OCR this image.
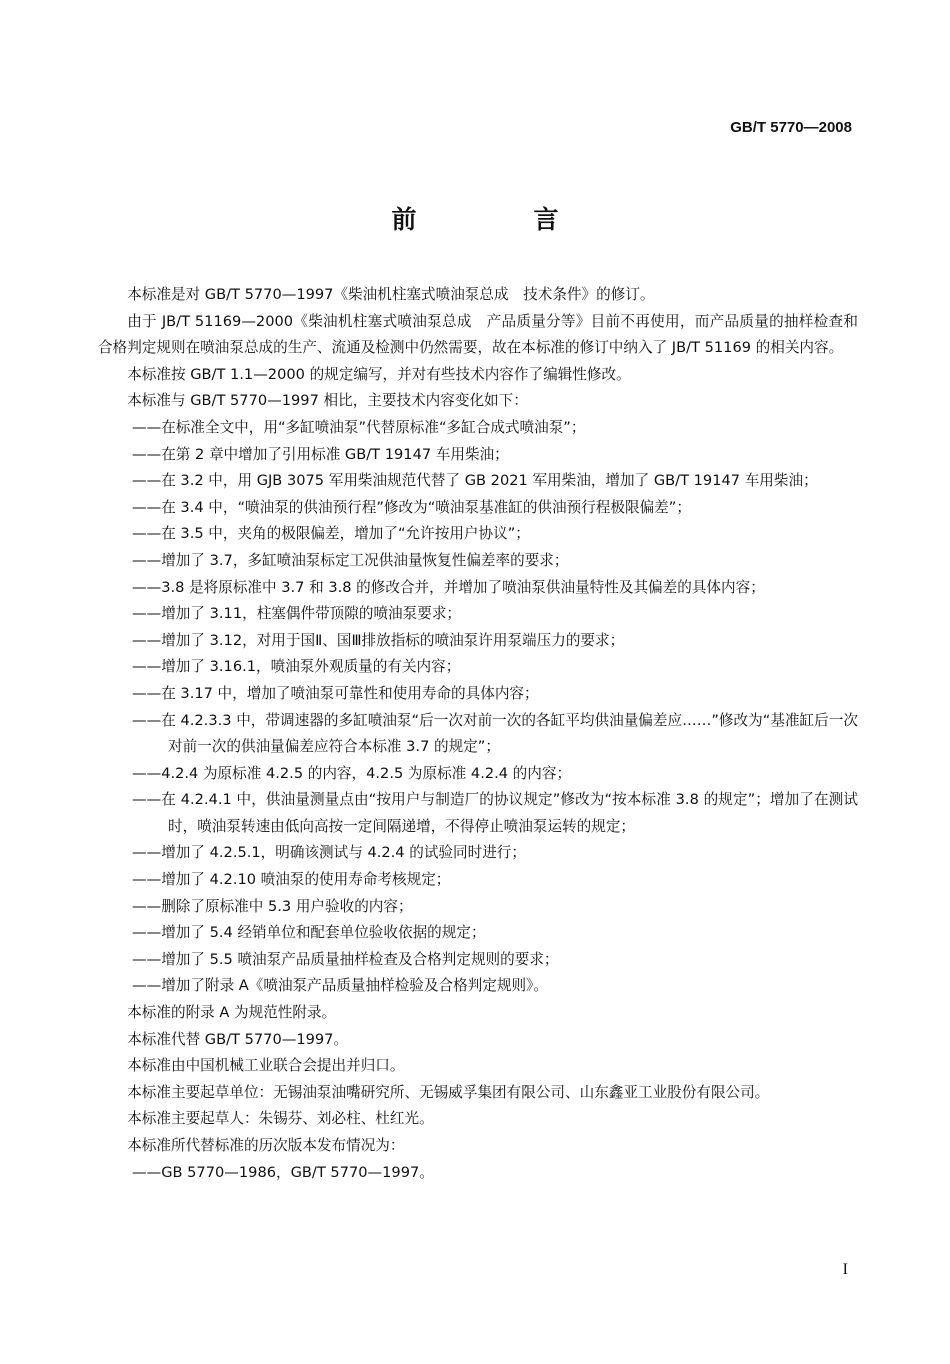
GB/T 5770—2008
前　言

本标准是对 GB/T 5770—1997《柴油机柱塞式喷油泵总成　技术条件》的修订。

由于 JB/T 51169—2000《柴油机柱塞式喷油泵总成　产品质量分等》目前不再使用，而产品质量的抽样检查和合格判定规则在喷油泵总成的生产、流通及检测中仍然需要，故在本标准的修订中纳入了 JB/T 51169 的相关内容。

本标准按 GB/T 1.1—2000 的规定编写，并对有些技术内容作了编辑性修改。

本标准与 GB/T 5770—1997 相比，主要技术内容变化如下：

——在标准全文中，用“多缸喷油泵”代替原标准“多缸合成式喷油泵”；

——在第 2 章中增加了引用标准 GB/T 19147 车用柴油；

——在 3.2 中，用 GJB 3075 军用柴油规范代替了 GB 2021 军用柴油，增加了 GB/T 19147 车用柴油；

——在 3.4 中，“喷油泵的供油预行程”修改为“喷油泵基准缸的供油预行程极限偏差”；

——在 3.5 中，夹角的极限偏差，增加了“允许按用户协议”；

——增加了 3.7，多缸喷油泵标定工况供油量恢复性偏差率的要求；

——3.8 是将原标准中 3.7 和 3.8 的修改合并，并增加了喷油泵供油量特性及其偏差的具体内容；

——增加了 3.11，柱塞偶件带顶隙的喷油泵要求；

——增加了 3.12，对用于国Ⅱ、国Ⅲ排放指标的喷油泵许用泵端压力的要求；

——增加了 3.16.1，喷油泵外观质量的有关内容；

——在 3.17 中，增加了喷油泵可靠性和使用寿命的具体内容；

——在 4.2.3.3 中，带调速器的多缸喷油泵“后一次对前一次的各缸平均供油量偏差应……”修改为“基准缸后一次对前一次的供油量偏差应符合本标准 3.7 的规定”；

——4.2.4 为原标准 4.2.5 的内容，4.2.5 为原标准 4.2.4 的内容；

——在 4.2.4.1 中，供油量测量点由“按用户与制造厂的协议规定”修改为“按本标准 3.8 的规定”；增加了在测试时，喷油泵转速由低向高按一定间隔递增，不得停止喷油泵运转的规定；

——增加了 4.2.5.1，明确该测试与 4.2.4 的试验同时进行；

——增加了 4.2.10 喷油泵的使用寿命考核规定；

——删除了原标准中 5.3 用户验收的内容；

——增加了 5.4 经销单位和配套单位验收依据的规定；

——增加了 5.5 喷油泵产品质量抽样检查及合格判定规则的要求；

——增加了附录 A《喷油泵产品质量抽样检验及合格判定规则》。

本标准的附录 A 为规范性附录。

本标准代替 GB/T 5770—1997。

本标准由中国机械工业联合会提出并归口。

本标准主要起草单位：无锡油泵油嘴研究所、无锡威孚集团有限公司、山东鑫亚工业股份有限公司。

本标准主要起草人：朱锡芬、刘必柱、杜红光。

本标准所代替标准的历次版本发布情况为：

——GB 5770—1986，GB/T 5770—1997。

I
